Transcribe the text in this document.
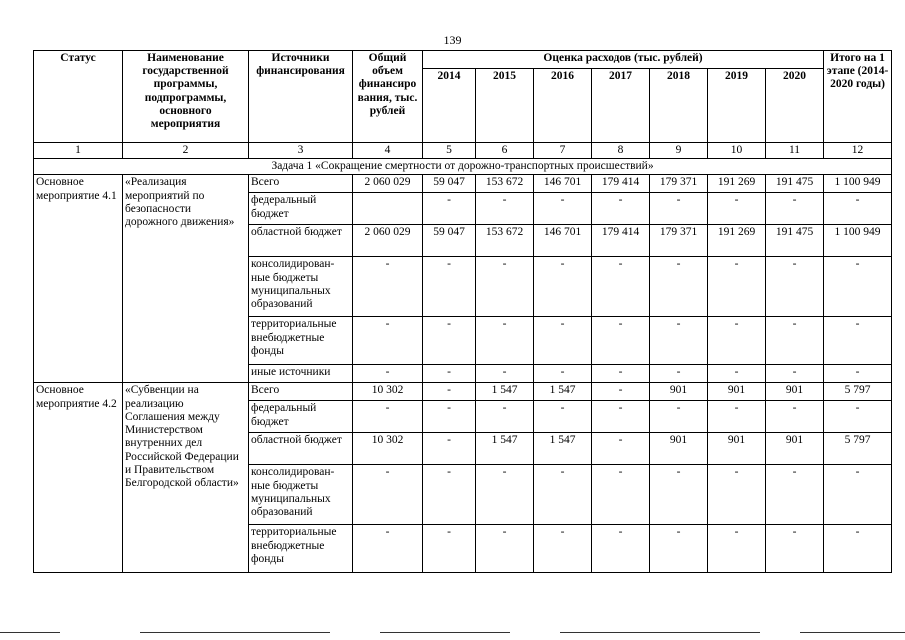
139
Статус	Наименование государственной программы, подпрограммы, основного мероприятия	Источники финансирования	Общий объем финансиро вания, тыс. рублей	Оценка расходов (тыс. рублей)							Итого на 1 этапе (2014-2020 годы)
				2014	2015	2016	2017	2018	2019	2020	
1	2	3	4	5	6	7	8	9	10	11	12
Задача 1 «Сокращение смертности от дорожно-транспортных происшествий»											
Основное мероприятие 4.1	«Реализация мероприятий по безопасности дорожного движения»	Всего	2 060 029	59 047	153 672	146 701	179 414	179 371	191 269	191 475	1 100 949
		федеральный бюджет		-	-	-	-	-	-	-	-
		областной бюджет	2 060 029	59 047	153 672	146 701	179 414	179 371	191 269	191 475	1 100 949
		консолидирован-ные бюджеты муниципальных образований	-	-	-	-	-	-	-	-	-
		территориальные внебюджетные фонды	-	-	-	-	-	-	-	-	-
		иные источники	-	-	-	-	-	-	-	-	-
Основное мероприятие 4.2	«Субвенции на реализацию Соглашения между Министерством внутренних дел Российской Федерации и Правительством Белгородской области»	Всего	10 302	-	1 547	1 547	-	901	901	901	5 797
		федеральный бюджет	-	-	-	-	-	-	-	-	-
		областной бюджет	10 302	-	1 547	1 547	-	901	901	901	5 797
		консолидирован-ные бюджеты муниципальных образований	-	-	-	-	-	-	-	-	-
		территориальные внебюджетные фонды	-	-	-	-	-	-	-	-	-
